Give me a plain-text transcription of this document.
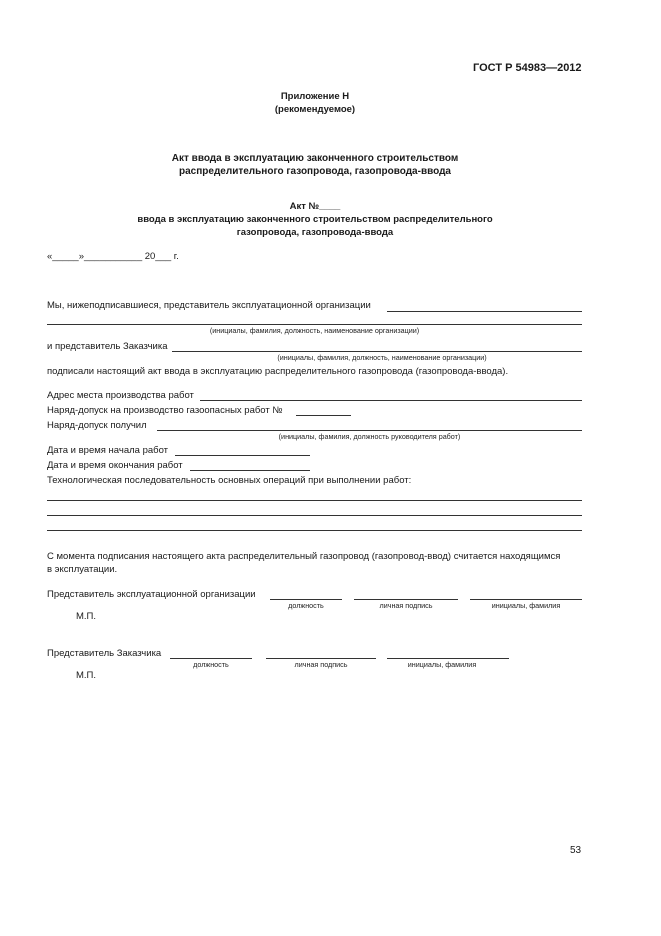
ГОСТ Р 54983—2012
Приложение Н
(рекомендуемое)
Акт ввода в эксплуатацию законченного строительством
распределительного газопровода, газопровода-ввода
Акт №____
ввода в эксплуатацию законченного строительством распределительного
газопровода, газопровода-ввода
«_____»___________ 20___ г.
Мы, нижеподписавшиеся, представитель эксплуатационной организации
(инициалы, фамилия, должность, наименование организации)
и представитель Заказчика
(инициалы, фамилия, должность, наименование организации)
подписали настоящий акт ввода в эксплуатацию распределительного газопровода (газопровода-ввода).
Адрес места производства работ
Наряд-допуск на производство газоопасных работ №
Наряд-допуск получил
(инициалы, фамилия, должность руководителя работ)
Дата и время начала работ
Дата и время окончания работ
Технологическая последовательность основных операций при выполнении работ:
С момента подписания настоящего акта распределительный газопровод (газопровод-ввод) считается находящимся
в эксплуатации.
Представитель эксплуатационной организации
должность	личная подпись	инициалы, фамилия
М.П.
Представитель Заказчика
должность	личная подпись	инициалы, фамилия
М.П.
53
